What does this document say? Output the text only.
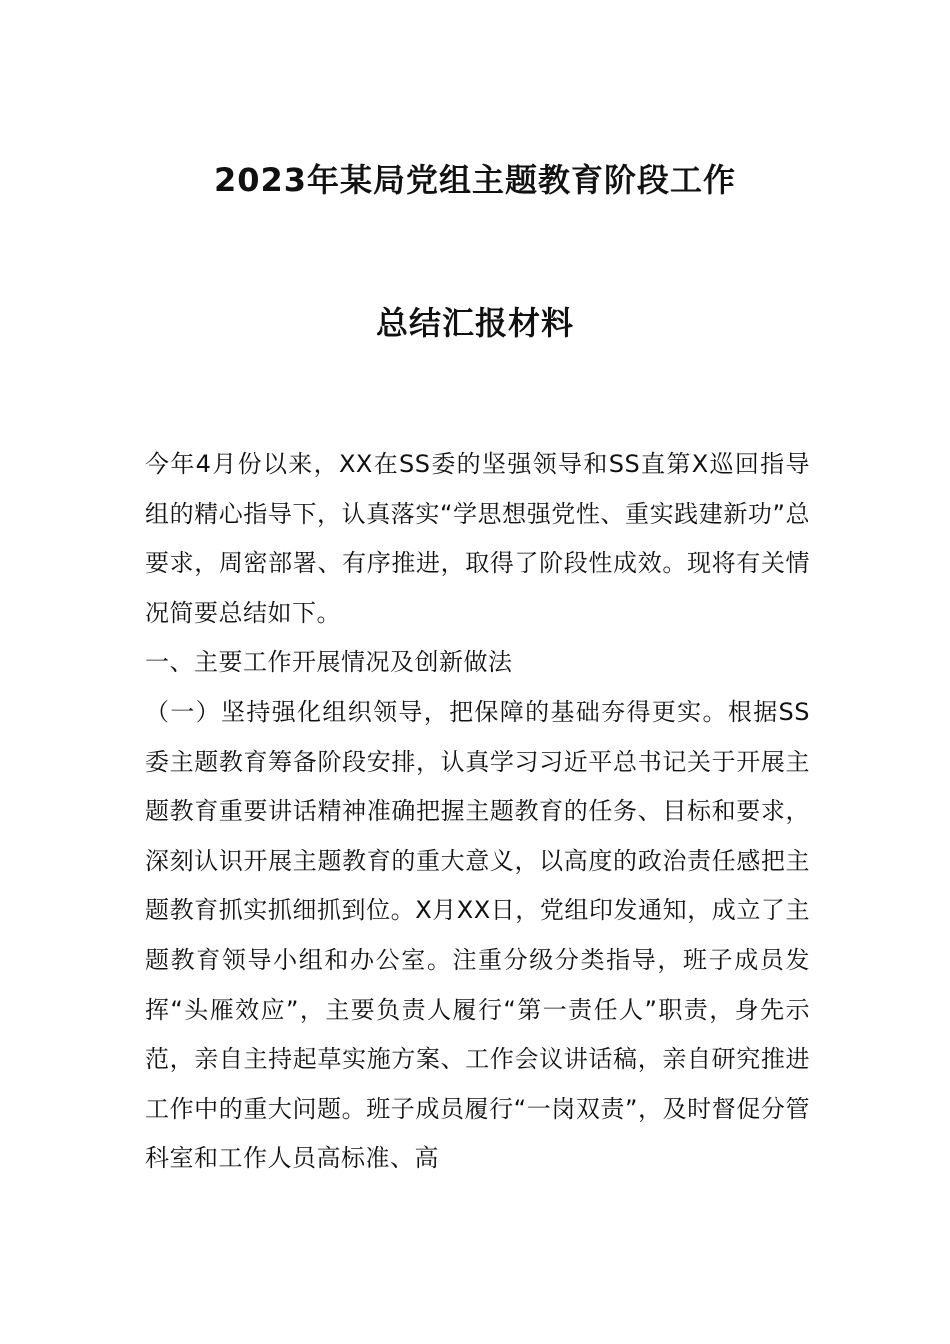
2023年某局党组主题教育阶段工作
总结汇报材料

今年4月份以来，XX在SS委的坚强领导和SS直第X巡回指导组的精心指导下，认真落实“学思想强党性、重实践建新功”总要求，周密部署、有序推进，取得了阶段性成效。现将有关情况简要总结如下。

一、主要工作开展情况及创新做法

（一）坚持强化组织领导，把保障的基础夯得更实。根据SS委主题教育筹备阶段安排，认真学习习近平总书记关于开展主题教育重要讲话精神准确把握主题教育的任务、目标和要求，深刻认识开展主题教育的重大意义，以高度的政治责任感把主题教育抓实抓细抓到位。X月XX日，党组印发通知，成立了主题教育领导小组和办公室。注重分级分类指导，班子成员发挥“头雁效应”，主要负责人履行“第一责任人”职责，身先示范，亲自主持起草实施方案、工作会议讲话稿，亲自研究推进工作中的重大问题。班子成员履行“一岗双责”，及时督促分管科室和工作人员高标准、高
